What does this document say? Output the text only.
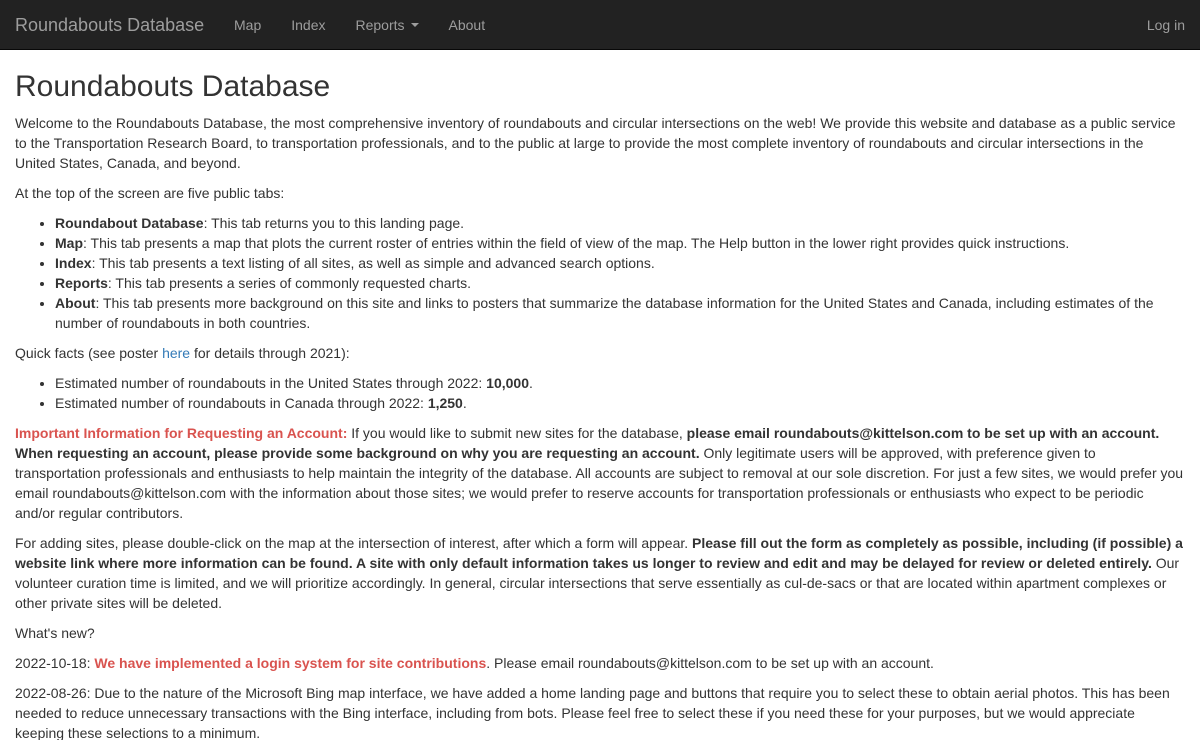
Roundabouts Database	Map	Index	Reports	About	Log in
Roundabouts Database

Welcome to the Roundabouts Database, the most comprehensive inventory of roundabouts and circular intersections on the web! We provide this website and database as a public service to the Transportation Research Board, to transportation professionals, and to the public at large to provide the most complete inventory of roundabouts and circular intersections in the United States, Canada, and beyond.

At the top of the screen are five public tabs:

• Roundabout Database: This tab returns you to this landing page.
• Map: This tab presents a map that plots the current roster of entries within the field of view of the map. The Help button in the lower right provides quick instructions.
• Index: This tab presents a text listing of all sites, as well as simple and advanced search options.
• Reports: This tab presents a series of commonly requested charts.
• About: This tab presents more background on this site and links to posters that summarize the database information for the United States and Canada, including estimates of the number of roundabouts in both countries.

Quick facts (see poster here for details through 2021):

• Estimated number of roundabouts in the United States through 2022: 10,000.
• Estimated number of roundabouts in Canada through 2022: 1,250.

Important Information for Requesting an Account: If you would like to submit new sites for the database, please email roundabouts@kittelson.com to be set up with an account. When requesting an account, please provide some background on why you are requesting an account. Only legitimate users will be approved, with preference given to transportation professionals and enthusiasts to help maintain the integrity of the database. All accounts are subject to removal at our sole discretion. For just a few sites, we would prefer you email roundabouts@kittelson.com with the information about those sites; we would prefer to reserve accounts for transportation professionals or enthusiasts who expect to be periodic and/or regular contributors.

For adding sites, please double-click on the map at the intersection of interest, after which a form will appear. Please fill out the form as completely as possible, including (if possible) a website link where more information can be found. A site with only default information takes us longer to review and edit and may be delayed for review or deleted entirely. Our volunteer curation time is limited, and we will prioritize accordingly. In general, circular intersections that serve essentially as cul-de-sacs or that are located within apartment complexes or other private sites will be deleted.

What's new?

2022-10-18: We have implemented a login system for site contributions. Please email roundabouts@kittelson.com to be set up with an account.

2022-08-26: Due to the nature of the Microsoft Bing map interface, we have added a home landing page and buttons that require you to select these to obtain aerial photos. This has been needed to reduce unnecessary transactions with the Bing interface, including from bots. Please feel free to select these if you need these for your purposes, but we would appreciate keeping these selections to a minimum.
